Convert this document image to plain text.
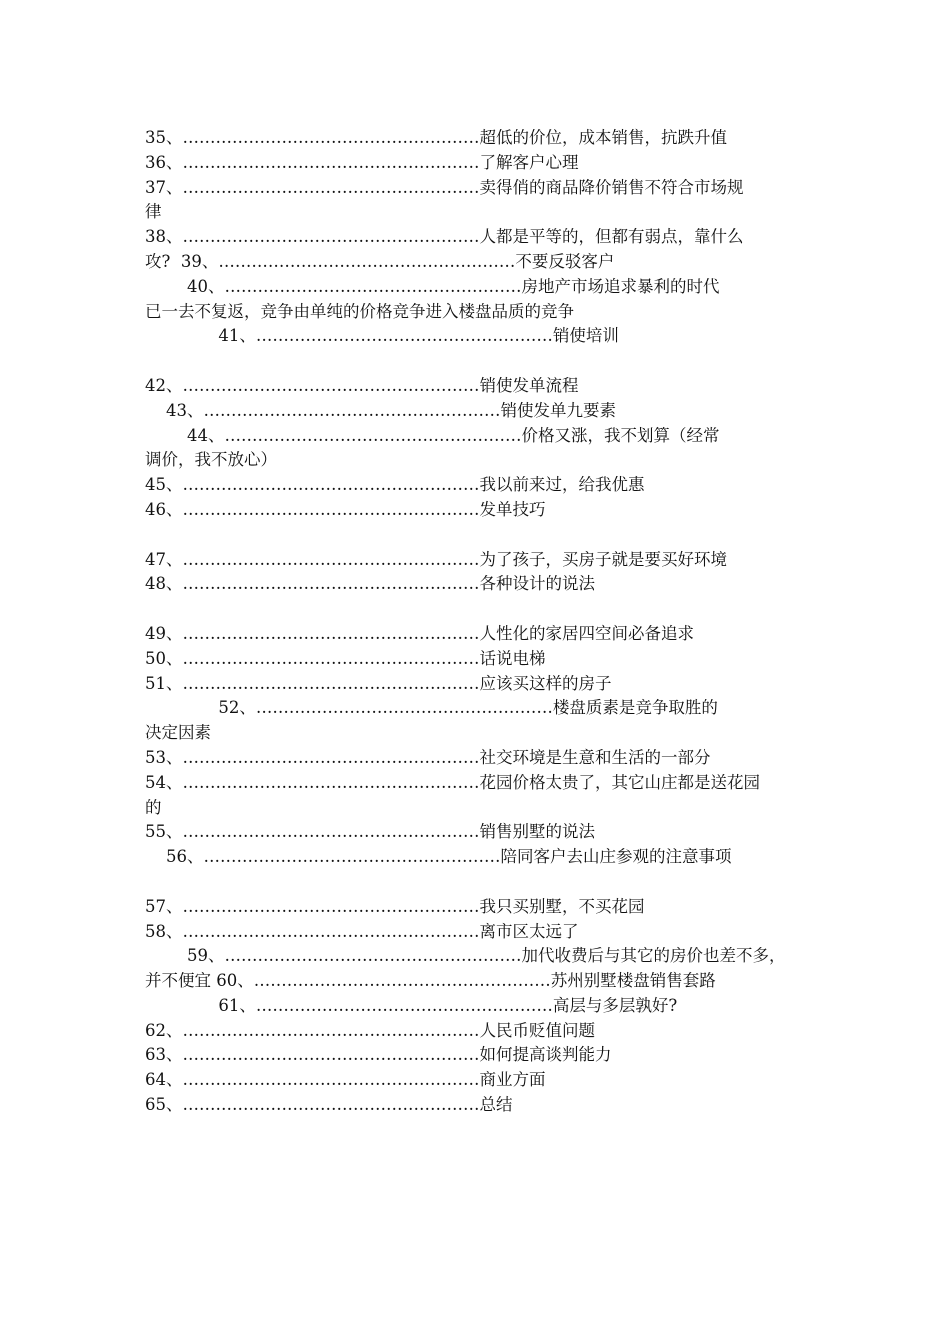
35、………………………………………………超低的价位，成本销售，抗跌升值
36、………………………………………………了解客户心理
37、………………………………………………卖得俏的商品降价销售不符合市场规
律
38、………………………………………………人都是平等的，但都有弱点，靠什么
攻?  39、………………………………………………不要反驳客户
40、………………………………………………房地产市场追求暴利的时代
已一去不复返，竞争由单纯的价格竞争进入楼盘品质的竞争
41、………………………………………………销使培训
42、………………………………………………销使发单流程
43、………………………………………………销使发单九要素
44、………………………………………………价格又涨，我不划算（经常
调价，我不放心）
45、………………………………………………我以前来过，给我优惠
46、………………………………………………发单技巧
47、………………………………………………为了孩子，买房子就是要买好环境
48、………………………………………………各种设计的说法
49、………………………………………………人性化的家居四空间必备追求
50、………………………………………………话说电梯
51、………………………………………………应该买这样的房子
52、………………………………………………楼盘质素是竞争取胜的
决定因素
53、………………………………………………社交环境是生意和生活的一部分
54、………………………………………………花园价格太贵了，其它山庄都是送花园
的
55、………………………………………………销售别墅的说法
56、………………………………………………陪同客户去山庄参观的注意事项
57、………………………………………………我只买别墅，不买花园
58、………………………………………………离市区太远了
59、………………………………………………加代收费后与其它的房价也差不多，
并不便宜 60、………………………………………………苏州别墅楼盘销售套路
61、………………………………………………高层与多层孰好?
62、………………………………………………人民币贬值问题
63、………………………………………………如何提高谈判能力
64、………………………………………………商业方面
65、………………………………………………总结
